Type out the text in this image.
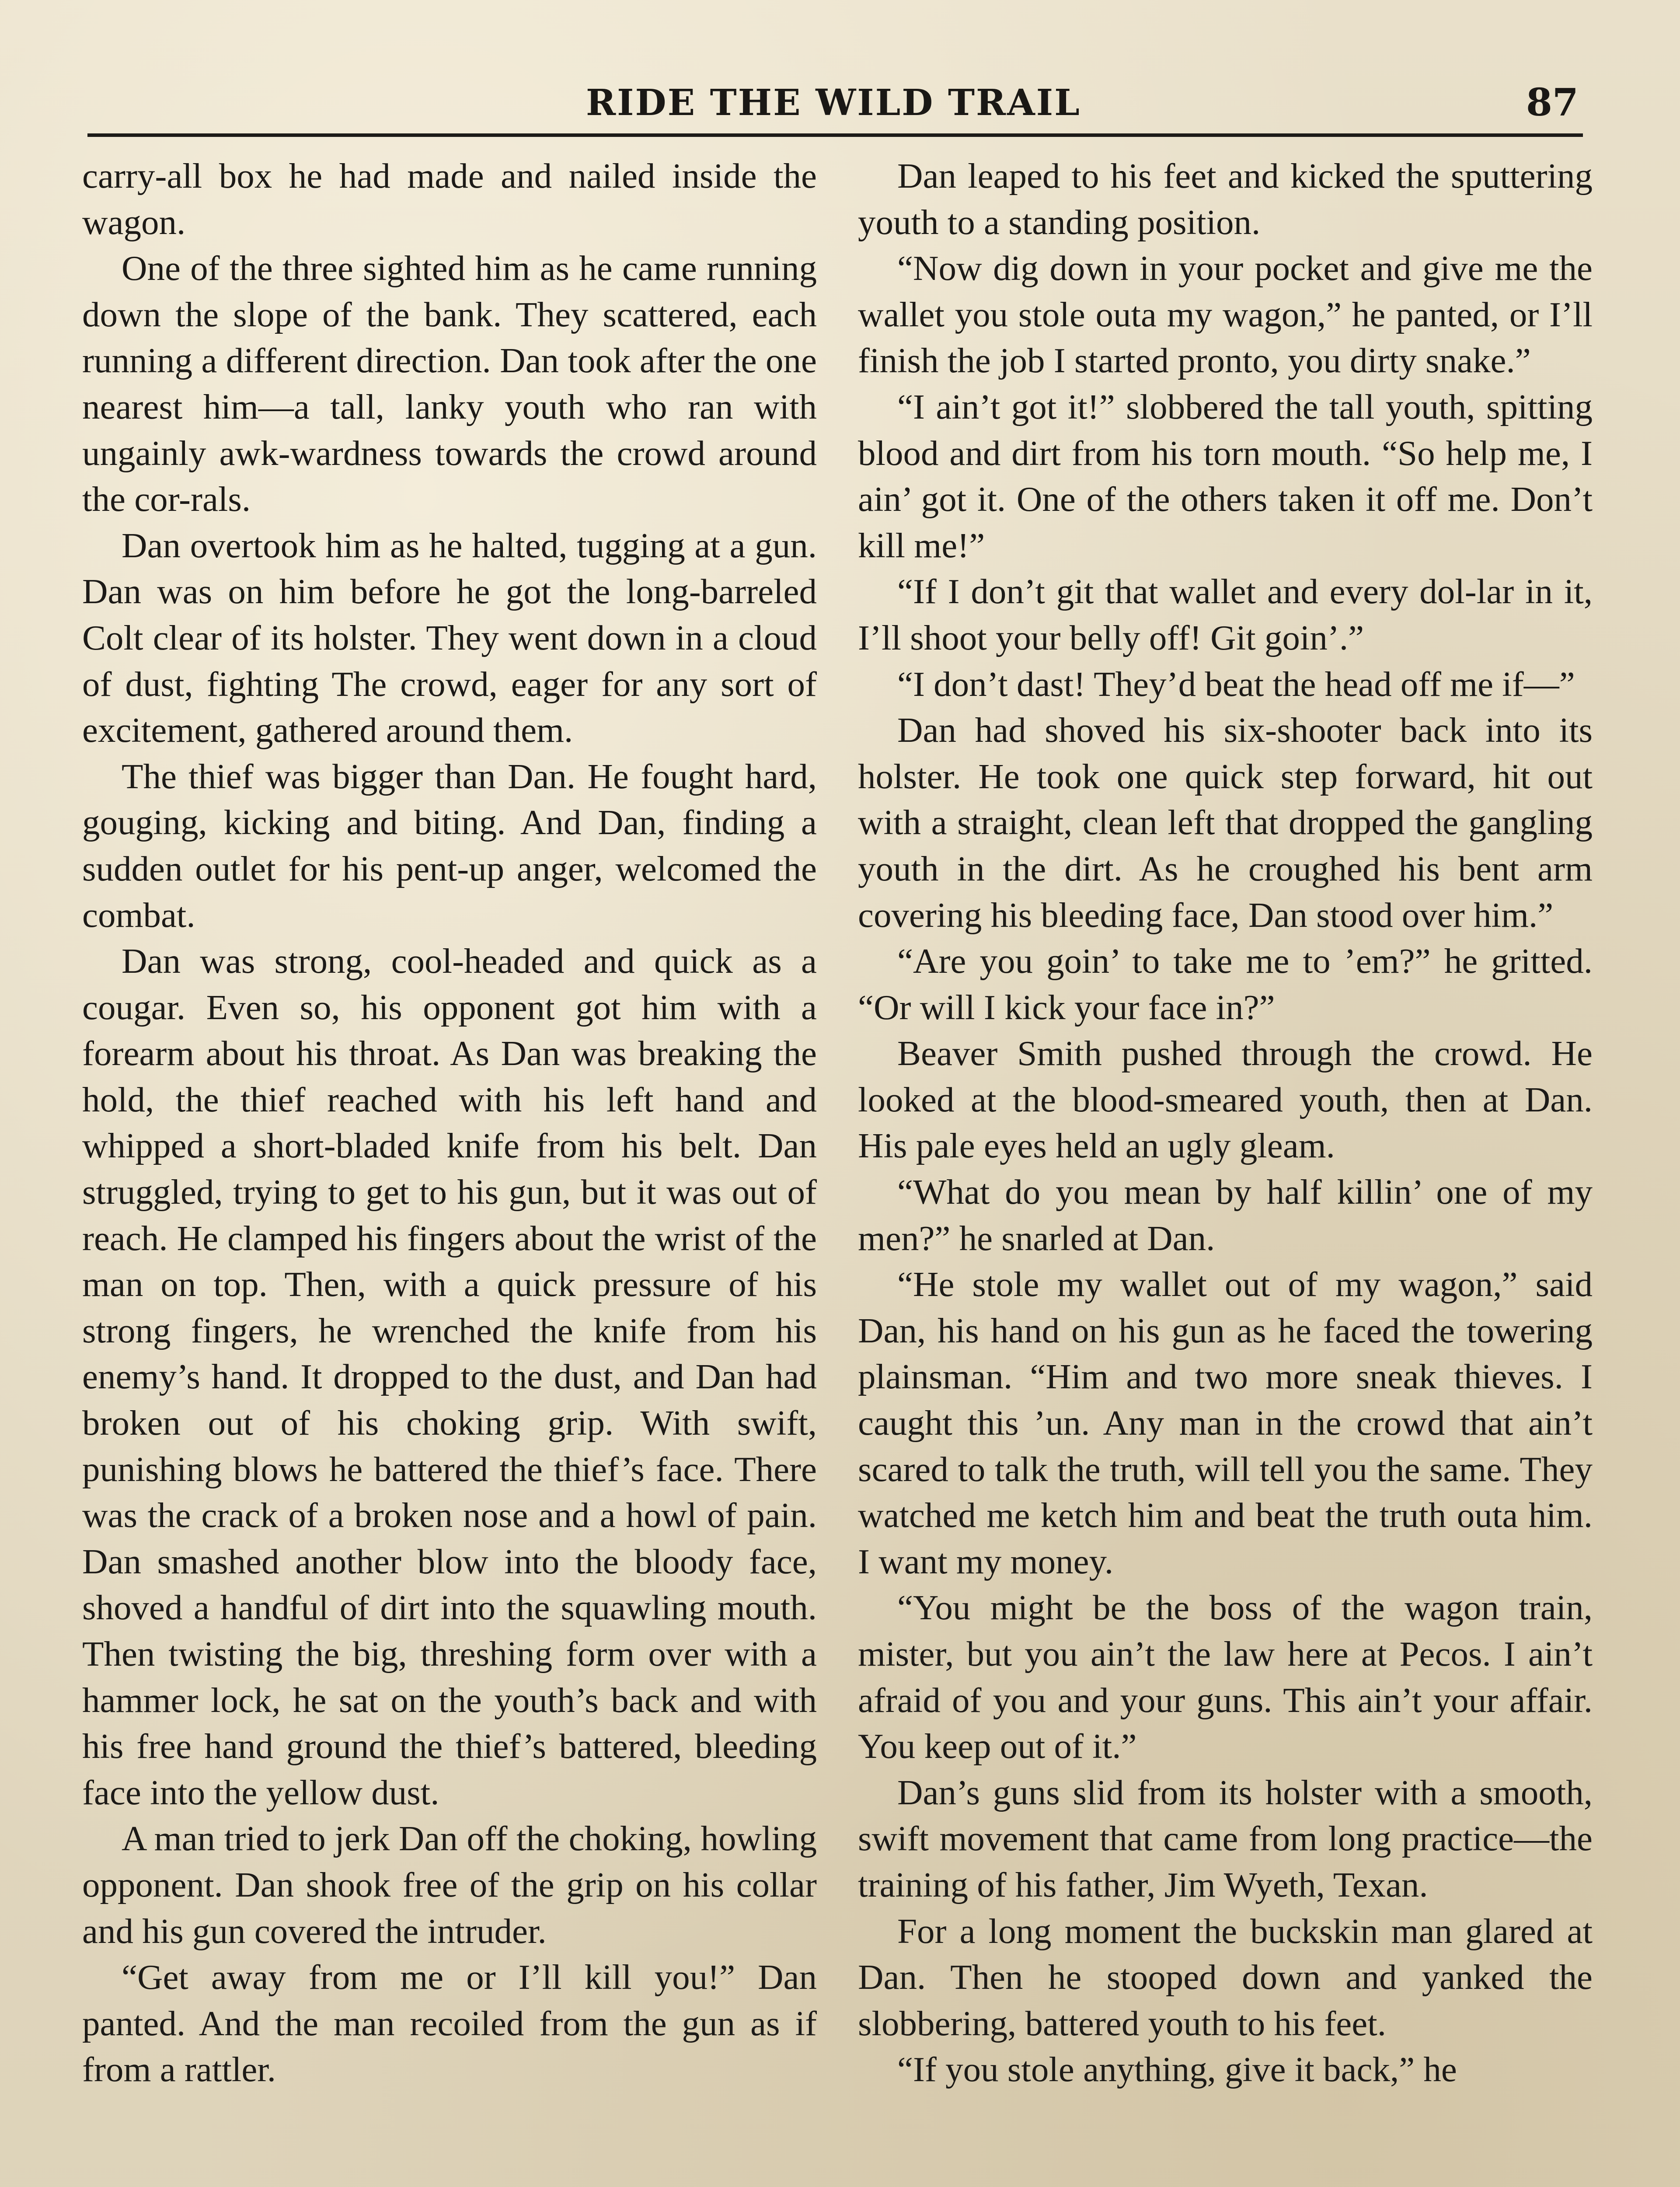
RIDE THE WILD TRAIL	87

carry-all box he had made and nailed inside the wagon.

One of the three sighted him as he came running down the slope of the bank. They scattered, each running a different direction. Dan took after the one nearest him—a tall, lanky youth who ran with ungainly awk-wardness towards the crowd around the cor-rals.

Dan overtook him as he halted, tugging at a gun. Dan was on him before he got the long-barreled Colt clear of its holster. They went down in a cloud of dust, fighting The crowd, eager for any sort of excitement, gathered around them.

The thief was bigger than Dan. He fought hard, gouging, kicking and biting. And Dan, finding a sudden outlet for his pent-up anger, welcomed the combat.

Dan was strong, cool-headed and quick as a cougar. Even so, his opponent got him with a forearm about his throat. As Dan was breaking the hold, the thief reached with his left hand and whipped a short-bladed knife from his belt. Dan struggled, trying to get to his gun, but it was out of reach. He clamped his fingers about the wrist of the man on top. Then, with a quick pressure of his strong fingers, he wrenched the knife from his enemy’s hand. It dropped to the dust, and Dan had broken out of his choking grip. With swift, punishing blows he battered the thief’s face. There was the crack of a broken nose and a howl of pain. Dan smashed another blow into the bloody face, shoved a handful of dirt into the squawling mouth. Then twisting the big, threshing form over with a hammer lock, he sat on the youth’s back and with his free hand ground the thief’s battered, bleeding face into the yellow dust.

A man tried to jerk Dan off the choking, howling opponent. Dan shook free of the grip on his collar and his gun covered the intruder.

“Get away from me or I’ll kill you!” Dan panted. And the man recoiled from the gun as if from a rattler.

Dan leaped to his feet and kicked the sputtering youth to a standing position.

“Now dig down in your pocket and give me the wallet you stole outa my wagon,” he panted, or I’ll finish the job I started pronto, you dirty snake.”

“I ain’t got it!” slobbered the tall youth, spitting blood and dirt from his torn mouth. “So help me, I ain’ got it. One of the others taken it off me. Don’t kill me!”

“If I don’t git that wallet and every dol-lar in it, I’ll shoot your belly off! Git goin’.”

“I don’t dast! They’d beat the head off me if—”

Dan had shoved his six-shooter back into its holster. He took one quick step forward, hit out with a straight, clean left that dropped the gangling youth in the dirt. As he croughed his bent arm covering his bleeding face, Dan stood over him.”

“Are you goin’ to take me to ’em?” he gritted. “Or will I kick your face in?”

Beaver Smith pushed through the crowd. He looked at the blood-smeared youth, then at Dan. His pale eyes held an ugly gleam.

“What do you mean by half killin’ one of my men?” he snarled at Dan.

“He stole my wallet out of my wagon,” said Dan, his hand on his gun as he faced the towering plainsman. “Him and two more sneak thieves. I caught this ’un. Any man in the crowd that ain’t scared to talk the truth, will tell you the same. They watched me ketch him and beat the truth outa him. I want my money.

“You might be the boss of the wagon train, mister, but you ain’t the law here at Pecos. I ain’t afraid of you and your guns. This ain’t your affair. You keep out of it.”

Dan’s guns slid from its holster with a smooth, swift movement that came from long practice—the training of his father, Jim Wyeth, Texan.

For a long moment the buckskin man glared at Dan. Then he stooped down and yanked the slobbering, battered youth to his feet.

“If you stole anything, give it back,” he
